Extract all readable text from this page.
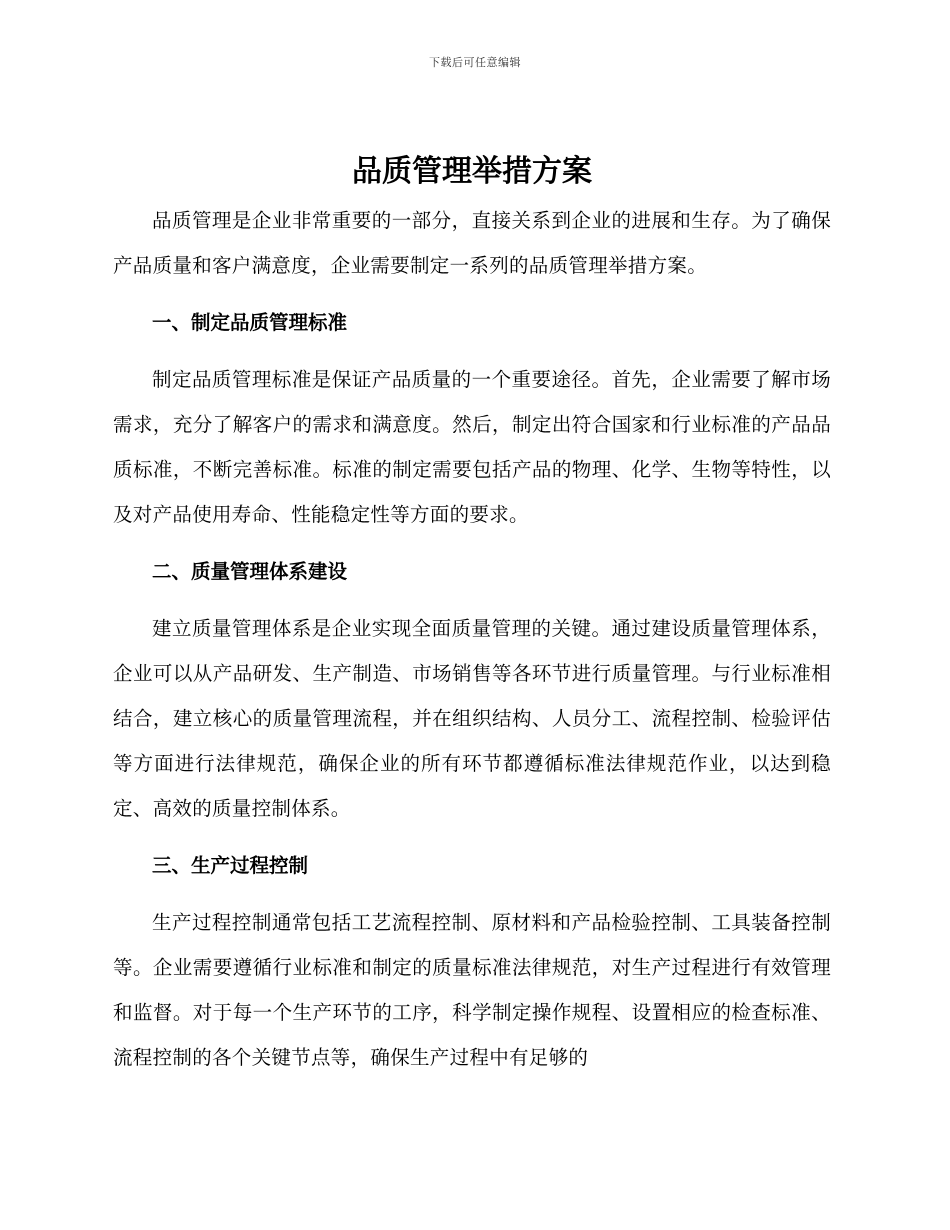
下载后可任意编辑
品质管理举措方案

品质管理是企业非常重要的一部分，直接关系到企业的进展和生存。为了确保产品质量和客户满意度，企业需要制定一系列的品质管理举措方案。

一、制定品质管理标准

制定品质管理标准是保证产品质量的一个重要途径。首先，企业需要了解市场需求，充分了解客户的需求和满意度。然后，制定出符合国家和行业标准的产品品质标准，不断完善标准。标准的制定需要包括产品的物理、化学、生物等特性，以及对产品使用寿命、性能稳定性等方面的要求。

二、质量管理体系建设

建立质量管理体系是企业实现全面质量管理的关键。通过建设质量管理体系，企业可以从产品研发、生产制造、市场销售等各环节进行质量管理。与行业标准相结合，建立核心的质量管理流程，并在组织结构、人员分工、流程控制、检验评估等方面进行法律规范，确保企业的所有环节都遵循标准法律规范作业，以达到稳定、高效的质量控制体系。

三、生产过程控制

生产过程控制通常包括工艺流程控制、原材料和产品检验控制、工具装备控制等。企业需要遵循行业标准和制定的质量标准法律规范，对生产过程进行有效管理和监督。对于每一个生产环节的工序，科学制定操作规程、设置相应的检查标准、流程控制的各个关键节点等，确保生产过程中有足够的
